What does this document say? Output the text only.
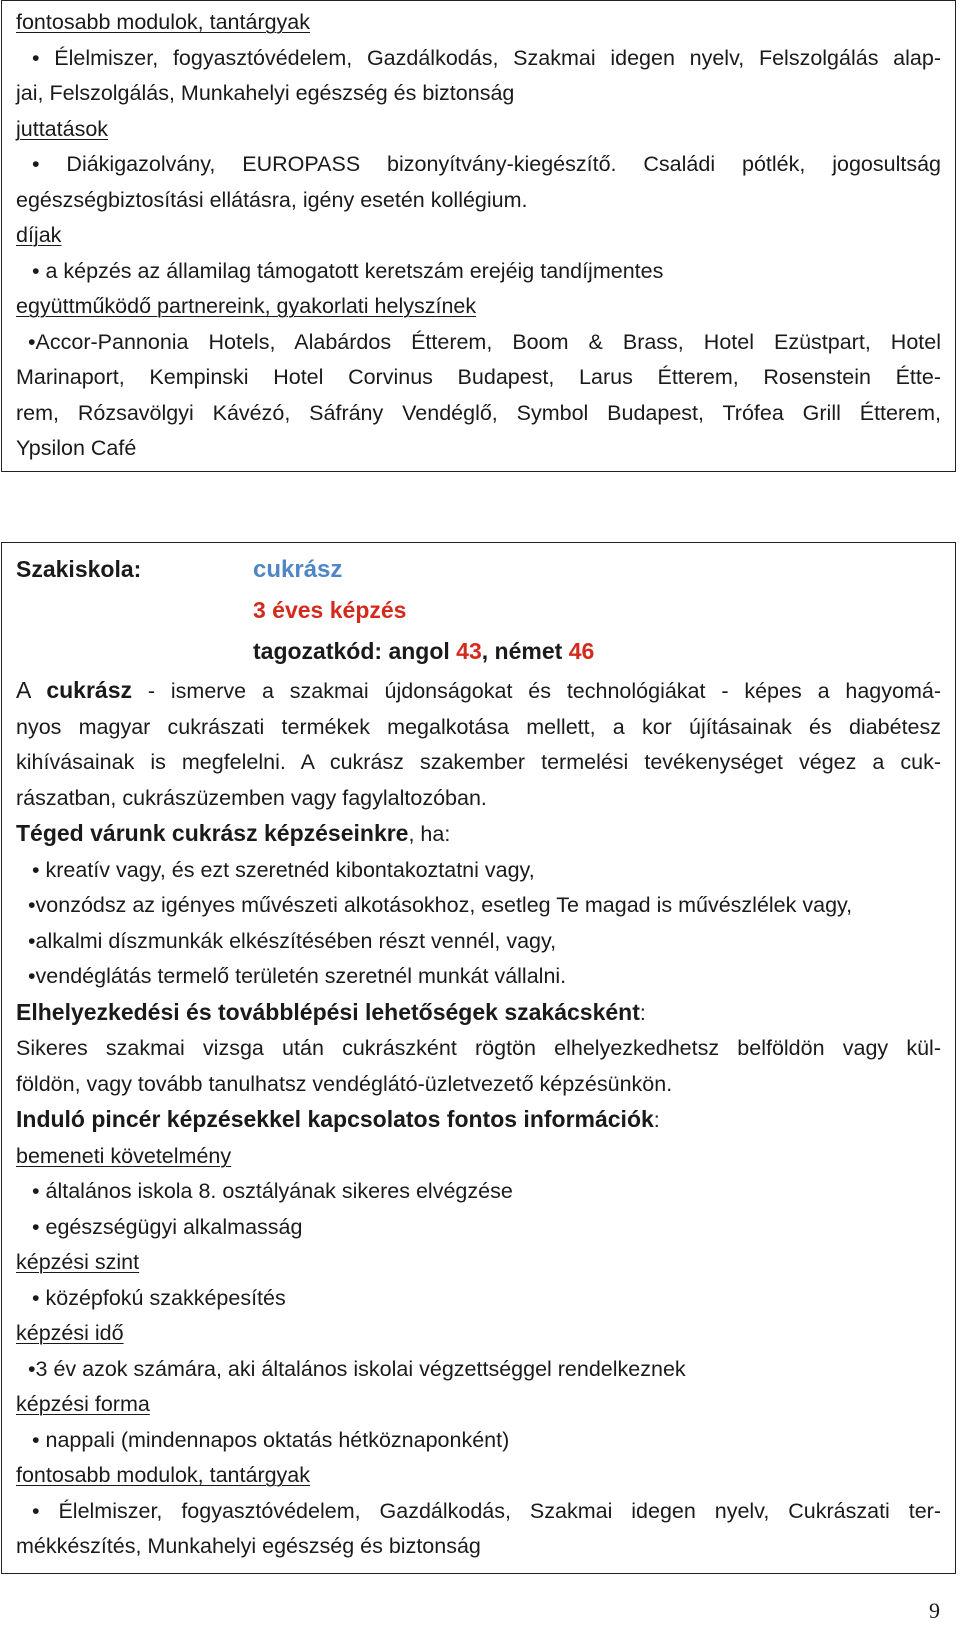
fontosabb modulok, tantárgyak
• Élelmiszer, fogyasztóvédelem, Gazdálkodás, Szakmai idegen nyelv, Felszolgálás alap-
jai, Felszolgálás, Munkahelyi egészség és biztonság
juttatások
• Diákigazolvány, EUROPASS bizonyítvány-kiegészítő. Családi pótlék, jogosultság
egészségbiztosítási ellátásra, igény esetén kollégium.
díjak
• a képzés az államilag támogatott keretszám erejéig tandíjmentes
együttműködő partnereink, gyakorlati helyszínek
•Accor-Pannonia Hotels, Alabárdos Étterem, Boom & Brass, Hotel Ezüstpart, Hotel
Marinaport, Kempinski Hotel Corvinus Budapest, Larus Étterem, Rosenstein Étte-
rem, Rózsavölgyi Kávézó, Sáfrány Vendéglő, Symbol Budapest, Trófea Grill Étterem,
Ypsilon Café
Szakiskola:	cukrász
3 éves képzés
tagozatkód: angol 43, német 46
A cukrász - ismerve a szakmai újdonságokat és technológiákat - képes a hagyomá-
nyos magyar cukrászati termékek megalkotása mellett, a kor újításainak és diabétesz
kihívásainak is megfelelni. A cukrász szakember termelési tevékenységet végez a cuk-
rászatban, cukrászüzemben vagy fagylaltozóban.
Téged várunk cukrász képzéseinkre, ha:
• kreatív vagy, és ezt szeretnéd kibontakoztatni vagy,
•vonzódsz az igényes művészeti alkotásokhoz, esetleg Te magad is művészlélek vagy,
•alkalmi díszmunkák elkészítésében részt vennél, vagy,
•vendéglátás termelő területén szeretnél munkát vállalni.
Elhelyezkedési és továbblépési lehetőségek szakácsként:
Sikeres szakmai vizsga után cukrászként rögtön elhelyezkedhetsz belföldön vagy kül-
földön, vagy tovább tanulhatsz vendéglátó-üzletvezető képzésünkön.
Induló pincér képzésekkel kapcsolatos fontos információk:
bemeneti követelmény
• általános iskola 8. osztályának sikeres elvégzése
• egészségügyi alkalmasság
képzési szint
• középfokú szakképesítés
képzési idő
•3 év azok számára, aki általános iskolai végzettséggel rendelkeznek
képzési forma
• nappali (mindennapos oktatás hétköznaponként)
fontosabb modulok, tantárgyak
• Élelmiszer, fogyasztóvédelem, Gazdálkodás, Szakmai idegen nyelv, Cukrászati ter-
mékkészítés, Munkahelyi egészség és biztonság
9
